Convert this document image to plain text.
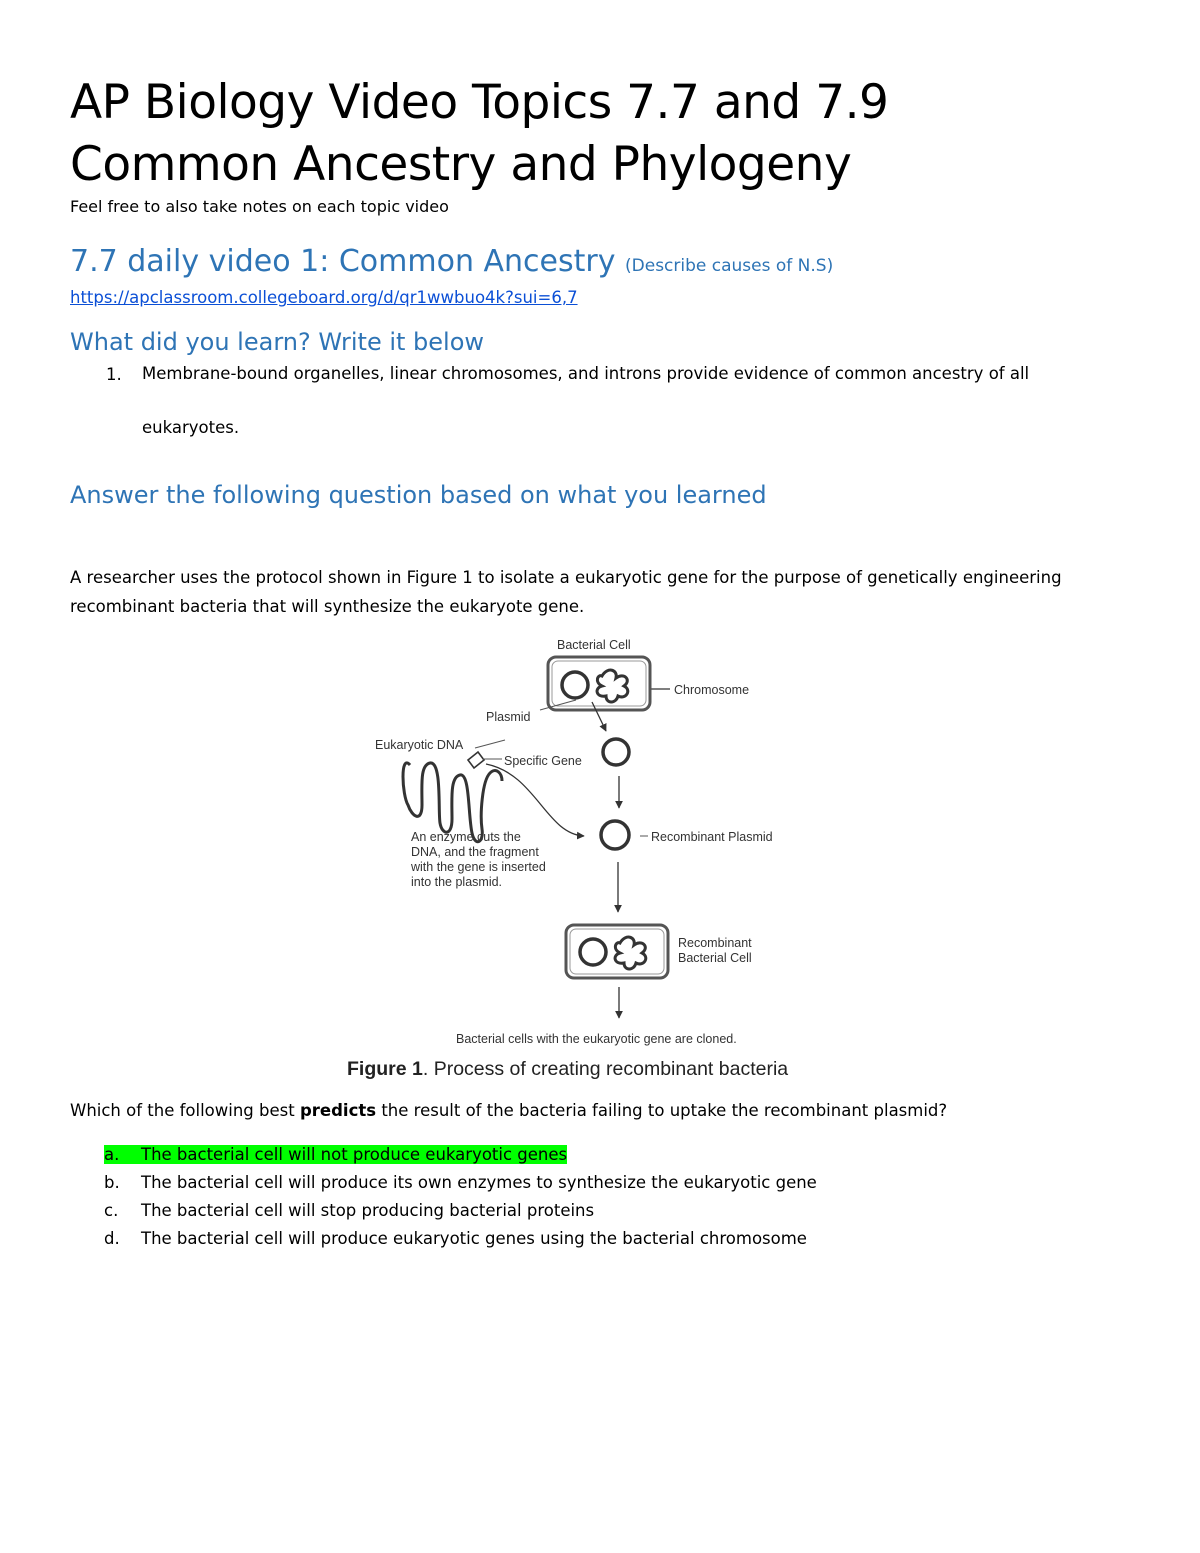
AP Biology Video Topics 7.7 and 7.9
Common Ancestry and Phylogeny
Feel free to also take notes on each topic video
7.7 daily video 1: Common Ancestry (Describe causes of N.S)
https://apclassroom.collegeboard.org/d/qr1wwbuo4k?sui=6,7
What did you learn? Write it below
1. Membrane-bound organelles, linear chromosomes, and introns provide evidence of common ancestry of all eukaryotes.
Answer the following question based on what you learned
A researcher uses the protocol shown in Figure 1 to isolate a eukaryotic gene for the purpose of genetically engineering recombinant bacteria that will synthesize the eukaryote gene.
Bacterial Cell
Chromosome
Plasmid
Eukaryotic DNA
Specific Gene
An enzyme cuts the
DNA, and the fragment
with the gene is inserted
into the plasmid.
Recombinant Plasmid
Recombinant
Bacterial Cell
Bacterial cells with the eukaryotic gene are cloned.
Figure 1. Process of creating recombinant bacteria
Which of the following best predicts the result of the bacteria failing to uptake the recombinant plasmid?
a.	The bacterial cell will not produce eukaryotic genes
b. The bacterial cell will produce its own enzymes to synthesize the eukaryotic gene
c. The bacterial cell will stop producing bacterial proteins
d. The bacterial cell will produce eukaryotic genes using the bacterial chromosome
